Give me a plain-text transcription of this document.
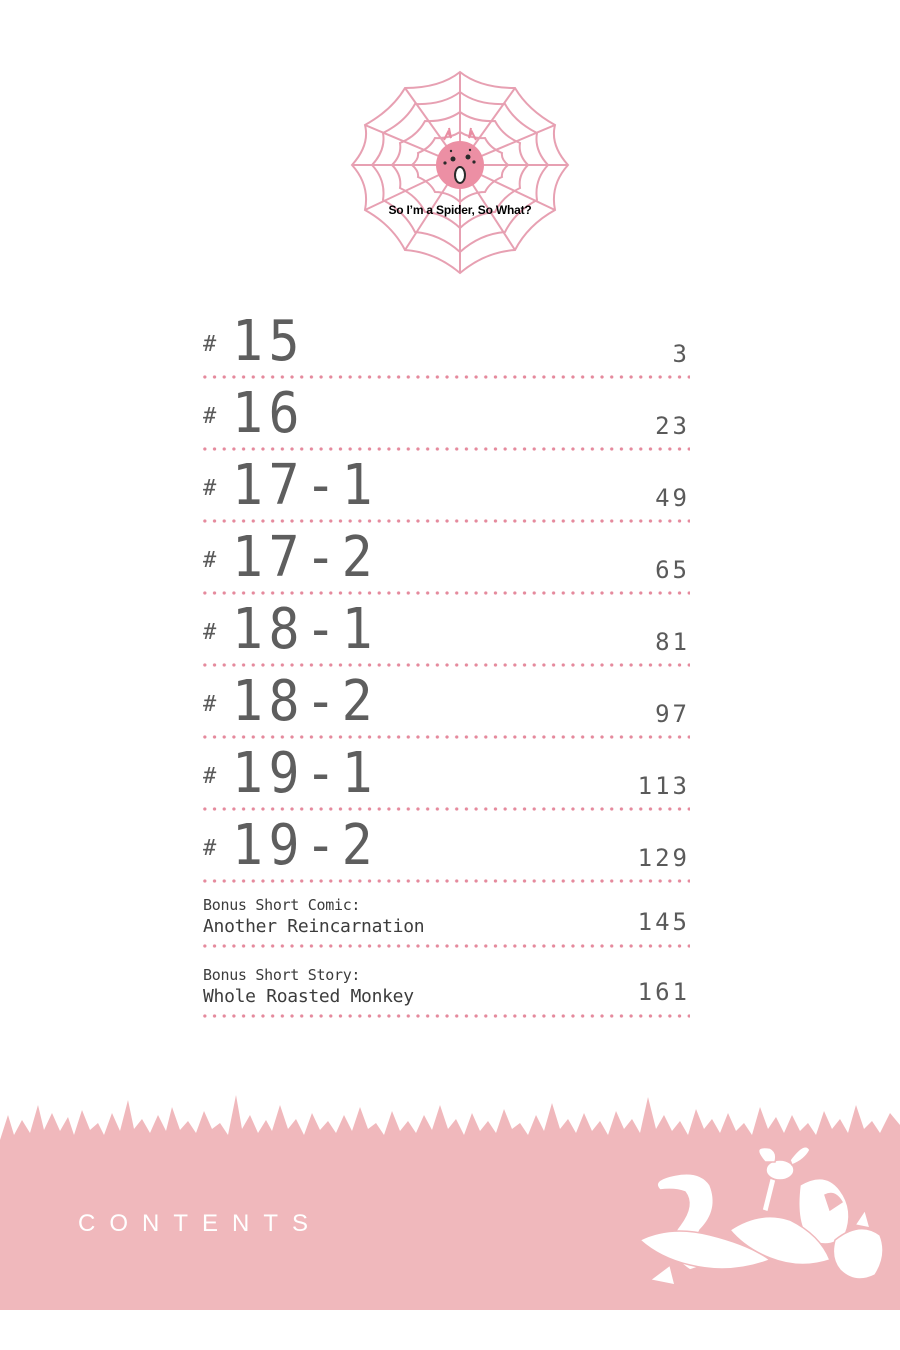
So I’m a Spider, So What?
# 15	3
# 16	23
# 17-1	49
# 17-2	65
# 18-1	81
# 18-2	97
# 19-1	113
# 19-2	129
Bonus Short Comic:
Another Reincarnation	145
Bonus Short Story:
Whole Roasted Monkey	161
CONTENTS
